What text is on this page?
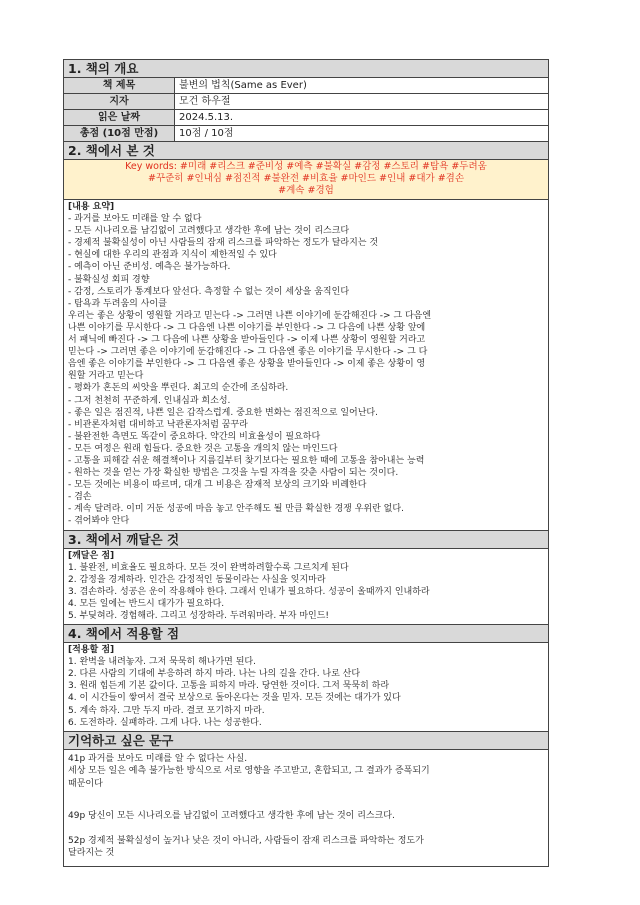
1. 책의 개요
책 제목	불변의 법칙(Same as Ever)
지자	모건 하우절
읽은 날짜	2024.5.13.
총점 (10점 만점)	10점 / 10점
2. 책에서 본 것
Key words: #미래 #리스크 #준비성 #예측 #불확실 #감정 #스토리 #탐욕 #두려움
#꾸준히 #인내심 #점진적 #불완전 #비효율 #마인드 #인내 #대가 #겸손
#계속 #경험

[내용 요약]

- 과거를 보아도 미래를 알 수 없다

- 모든 시나리오를 남김없이 고려했다고 생각한 후에 남는 것이 리스크다

- 경제적 불확실성이 아닌 사람들의 잠재 리스크를 파악하는 정도가 달라지는 것

- 현실에 대한 우리의 관점과 지식이 제한적일 수 있다

- 예측이 아닌 준비성. 예측은 불가능하다.

- 불확실성 회피 경향

- 감정, 스토리가 통계보다 앞선다. 측정할 수 없는 것이 세상을 움직인다

- 탐욕과 두려움의 사이클

우리는 좋은 상황이 영원할 거라고 믿는다 -> 그러면 나쁜 이야기에 둔감해진다 -> 그 다음엔

나쁜 이야기를 무시한다 -> 그 다음엔 나쁜 이야기를 부인한다 -> 그 다음에 나쁜 상황 앞에

서 패닉에 빠진다 -> 그 다음에 나쁜 상황을 받아들인다 -> 이제 나쁜 상황이 영원할 거라고

믿는다 -> 그러면 좋은 이야기에 둔감해진다 -> 그 다음엔 좋은 이야기를 무시한다 -> 그 다

음엔 좋은 이야기를 부인한다 -> 그 다음엔 좋은 상황을 받아들인다 -> 이제 좋은 상황이 영

원할 거라고 믿는다

- 평화가 혼돈의 씨앗을 뿌린다. 최고의 순간에 조심하라.

- 그저 천천히 꾸준하게. 인내심과 희소성.

- 좋은 일은 점진적, 나쁜 일은 갑작스럽게. 중요한 변화는 점진적으로 일어난다.

- 비관론자처럼 대비하고 낙관론자처럼 꿈꾸라

- 불완전한 측면도 똑같이 중요하다. 약간의 비효율성이 필요하다

- 모든 여정은 원래 힘들다. 중요한 것은 고통을 개의치 않는 마인드다

- 고통을 피해갈 쉬운 해결책이나 지름길부터 찾기보다는 필요한 때에 고통을 참아내는 능력

- 원하는 것을 얻는 가장 확실한 방법은 그것을 누릴 자격을 갖춘 사람이 되는 것이다.

- 모든 것에는 비용이 따르며, 대개 그 비용은 잠재적 보상의 크기와 비례한다

- 겸손

- 계속 달려라. 이미 거둔 성공에 마음 놓고 안주해도 될 만큼 확실한 경쟁 우위란 없다.

- 겪어봐야 안다

3. 책에서 깨달은 것

[깨달은 점]

1. 불완전, 비효율도 필요하다. 모든 것이 완벽하려할수록 그르치게 된다

2. 감정을 경계하라. 인간은 감정적인 동물이라는 사실을 잊지마라

3. 겸손하라. 성공은 운이 작용해야 한다. 그래서 인내가 필요하다. 성공이 올때까지 인내하라

4. 모든 일에는 반드시 대가가 필요하다.

5. 부딪혀라. 경험해라. 그리고 성장하라. 두려워마라. 부자 마인드!

4. 책에서 적용할 점

[적용할 점]

1. 완벽을 내려놓자. 그저 묵묵히 해나가면 된다.

2. 다른 사람의 기대에 부응하려 하지 마라. 나는 나의 길을 간다. 나로 산다

3. 원래 힘든게 기본 값이다. 고통을 피하지 마라. 당연한 것이다. 그저 묵묵히 하라

4. 이 시간들이 쌓여서 결국 보상으로 돌아온다는 것을 믿자. 모든 것에는 대가가 있다

5. 계속 하자. 그만 두지 마라. 결코 포기하지 마라.

6. 도전하라. 실패하라. 그게 나다. 나는 성공한다.

기억하고 싶은 문구

41p 과거를 보아도 미래를 알 수 없다는 사실.

세상 모든 일은 예측 불가능한 방식으로 서로 영향을 주고받고, 혼합되고, 그 결과가 증폭되기

때문이다

49p 당신이 모든 시나리오를 남김없이 고려했다고 생각한 후에 남는 것이 리스크다.

52p 경제적 불확실성이 높거나 낮은 것이 아니라, 사람들이 잠재 리스크를 파악하는 정도가

달라지는 것
